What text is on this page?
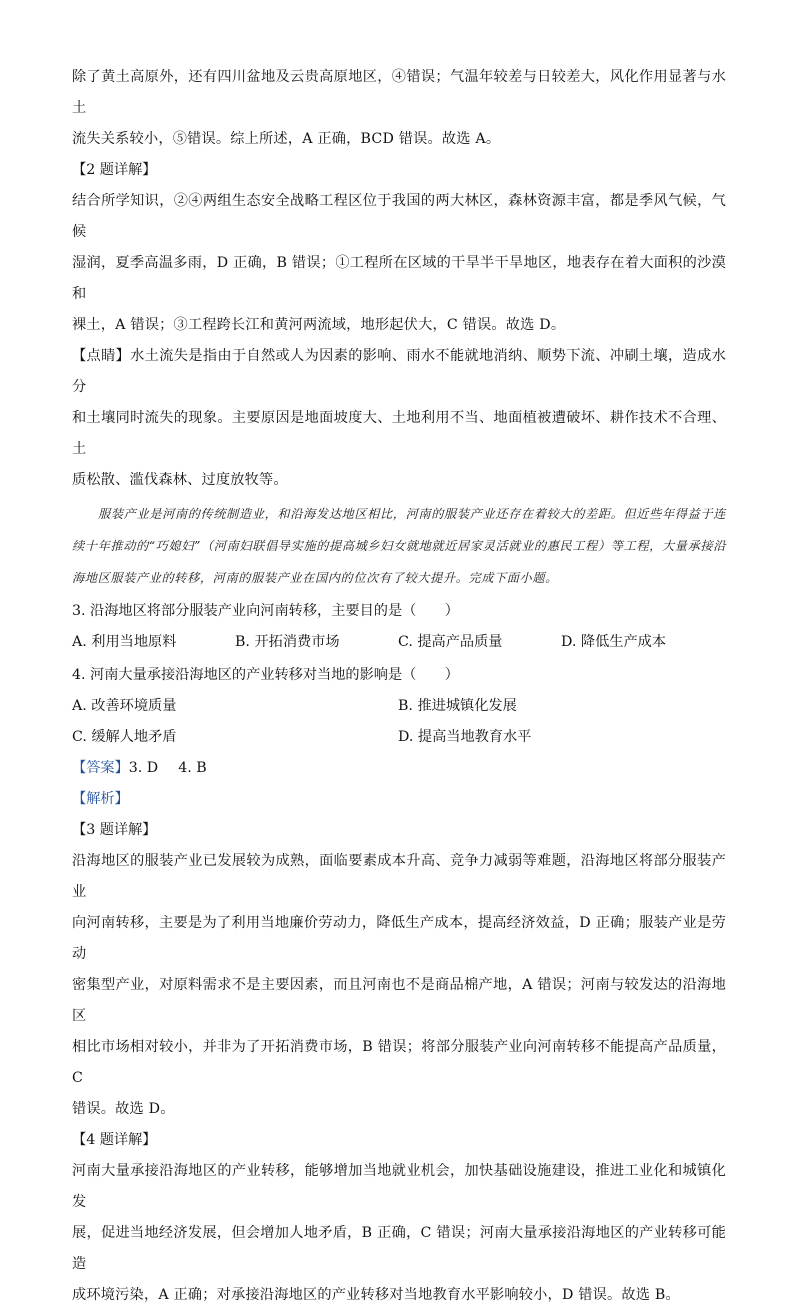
除了黄土高原外，还有四川盆地及云贵高原地区，④错误；气温年较差与日较差大，风化作用显著与水土

流失关系较小，⑤错误。综上所述，A 正确，BCD 错误。故选 A。

【2 题详解】

结合所学知识，②④两组生态安全战略工程区位于我国的两大林区，森林资源丰富，都是季风气候，气候

湿润，夏季高温多雨，D 正确，B 错误；①工程所在区域的干旱半干旱地区，地表存在着大面积的沙漠和

裸土，A 错误；③工程跨长江和黄河两流域，地形起伏大，C 错误。故选 D。

【点睛】水土流失是指由于自然或人为因素的影响、雨水不能就地消纳、顺势下流、冲刷土壤，造成水分

和土壤同时流失的现象。主要原因是地面坡度大、土地利用不当、地面植被遭破坏、耕作技术不合理、土

质松散、滥伐森林、过度放牧等。

服装产业是河南的传统制造业，和沿海发达地区相比，河南的服装产业还存在着较大的差距。但近些年得益于连续十年推动的“巧媳妇”（河南妇联倡导实施的提高城乡妇女就地就近居家灵活就业的惠民工程）等工程，大量承接沿海地区服装产业的转移，河南的服装产业在国内的位次有了较大提升。完成下面小题。

3. 沿海地区将部分服装产业向河南转移，主要目的是（　　）

A. 利用当地原料	B. 开拓消费市场	C. 提高产品质量	D. 降低生产成本

4. 河南大量承接沿海地区的产业转移对当地的影响是（　　）

A. 改善环境质量	B. 推进城镇化发展
C. 缓解人地矛盾	D. 提高当地教育水平

【答案】3. D 4. B

【解析】

【3 题详解】

沿海地区的服装产业已发展较为成熟，面临要素成本升高、竞争力减弱等难题，沿海地区将部分服装产业

向河南转移，主要是为了利用当地廉价劳动力，降低生产成本，提高经济效益，D 正确；服装产业是劳动

密集型产业，对原料需求不是主要因素，而且河南也不是商品棉产地，A 错误；河南与较发达的沿海地区

相比市场相对较小，并非为了开拓消费市场，B 错误；将部分服装产业向河南转移不能提高产品质量，C

错误。故选 D。

【4 题详解】

河南大量承接沿海地区的产业转移，能够增加当地就业机会，加快基础设施建设，推进工业化和城镇化发

展，促进当地经济发展，但会增加人地矛盾，B 正确，C 错误；河南大量承接沿海地区的产业转移可能造

成环境污染，A 正确；对承接沿海地区的产业转移对当地教育水平影响较小，D 错误。故选 B。
